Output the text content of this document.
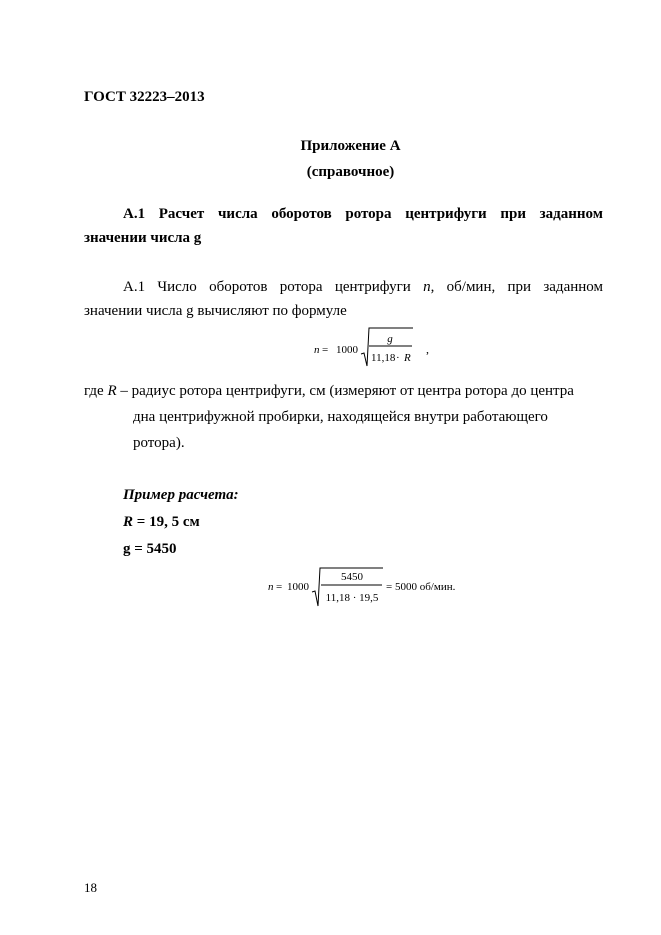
ГОСТ 32223–2013
Приложение А
(справочное)
А.1 Расчет числа оборотов ротора центрифуги при заданном
значении числа g
А.1 Число оборотов ротора центрифуги n, об/мин, при заданном
значении числа g вычисляют по формуле
n = 1000
g
11,18 · R
,
где R – радиус ротора центрифуги, см (измеряют от центра ротора до центра
дна центрифужной пробирки, находящейся внутри работающего
ротора).
Пример расчета:
R = 19, 5 см
g = 5450
n = 1000
5450
11,18 · 19,5
= 5000 об/мин.
18
